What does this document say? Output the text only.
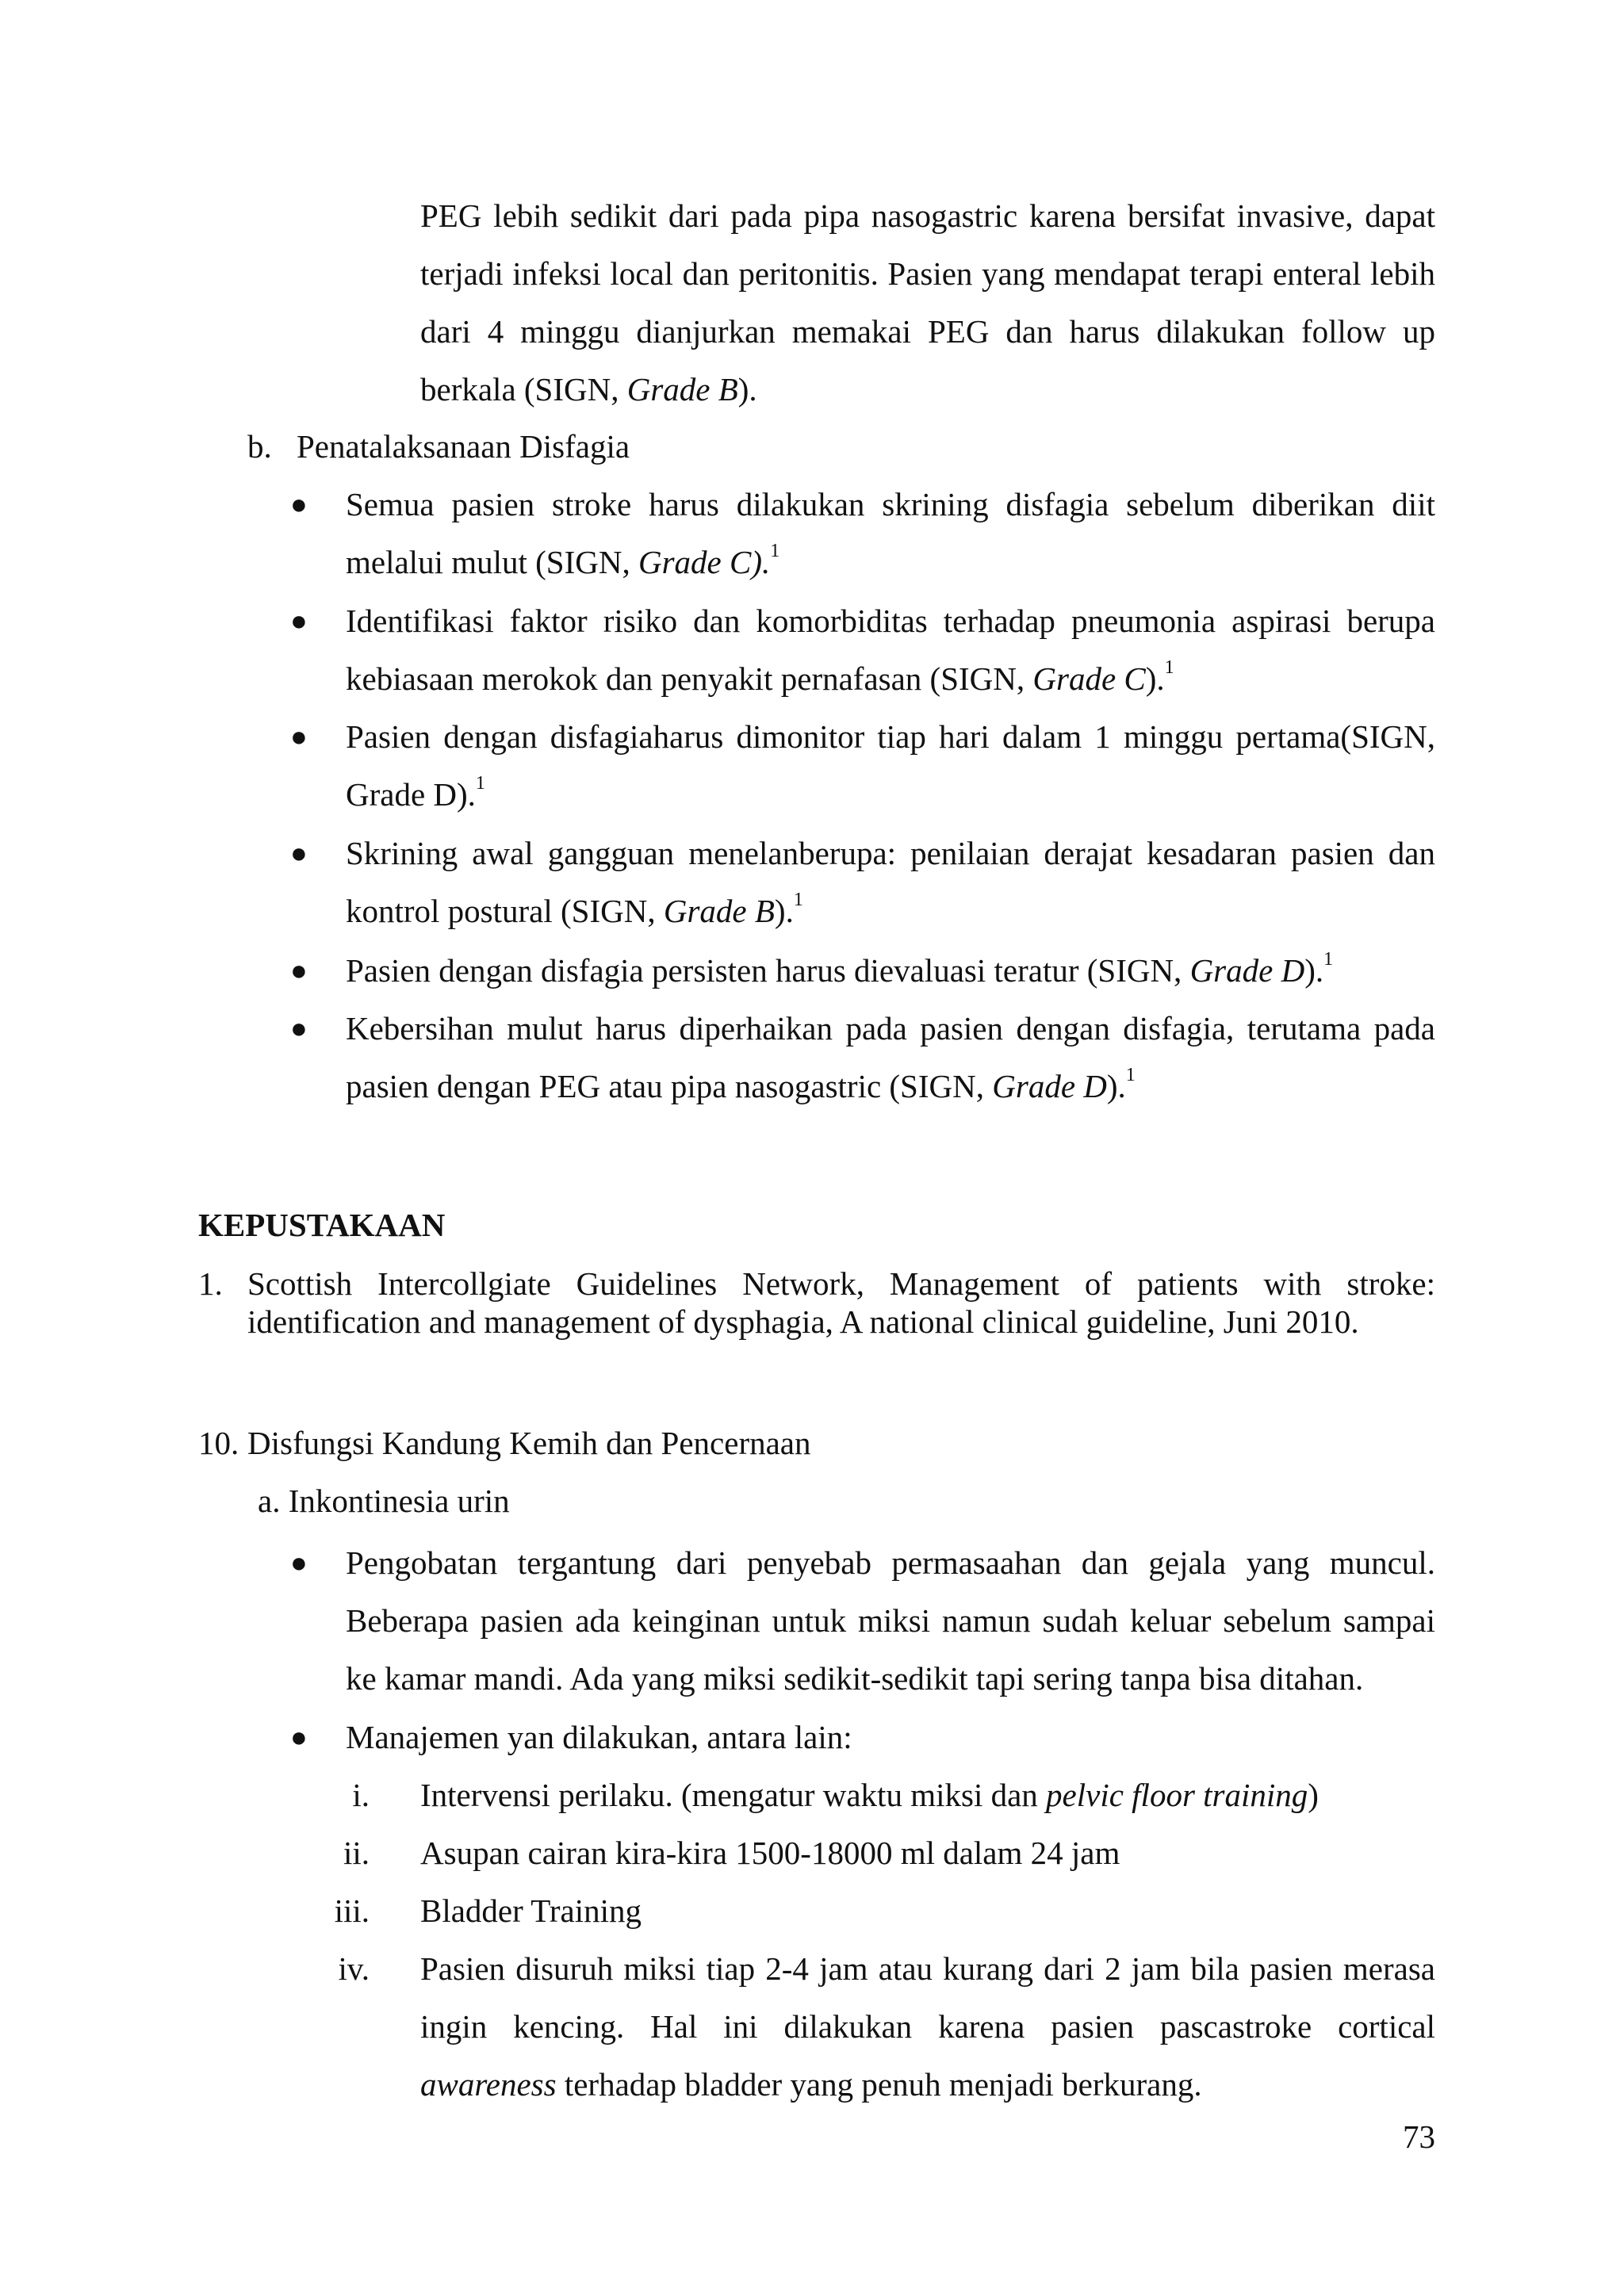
PEG lebih sedikit dari pada pipa nasogastric karena bersifat invasive, dapat terjadi infeksi local dan peritonitis. Pasien yang mendapat terapi enteral lebih dari 4 minggu dianjurkan memakai PEG dan harus dilakukan follow up berkala (SIGN, Grade B).
b. Penatalaksanaan Disfagia
●	Semua pasien stroke harus dilakukan skrining disfagia sebelum diberikan diit melalui mulut (SIGN, Grade C).$^1$
●	Identifikasi faktor risiko dan komorbiditas terhadap pneumonia aspirasi berupa kebiasaan merokok dan penyakit pernafasan (SIGN, Grade C).$^1$
●	Pasien dengan disfagiaharus dimonitor tiap hari dalam 1 minggu pertama(SIGN, Grade D).$^1$
●	Skrining awal gangguan menelanberupa: penilaian derajat kesadaran pasien dan kontrol postural (SIGN, Grade B).$^1$
●	Pasien dengan disfagia persisten harus dievaluasi teratur (SIGN, Grade D).$^1$
●	Kebersihan mulut harus diperhaikan pada pasien dengan disfagia, terutama pada pasien dengan PEG atau pipa nasogastric (SIGN, Grade D).$^1$
KEPUSTAKAAN
1. Scottish Intercollgiate Guidelines Network, Management of patients with stroke: identification and management of dysphagia, A national clinical guideline, Juni 2010.
10. Disfungsi Kandung Kemih dan Pencernaan
a. Inkontinesia urin
●	Pengobatan tergantung dari penyebab permasaahan dan gejala yang muncul. Beberapa pasien ada keinginan untuk miksi namun sudah keluar sebelum sampai ke kamar mandi. Ada yang miksi sedikit-sedikit tapi sering tanpa bisa ditahan.
●	Manajemen yan dilakukan, antara lain:
i. Intervensi perilaku. (mengatur waktu miksi dan pelvic floor training)
ii. Asupan cairan kira-kira 1500-18000 ml dalam 24 jam
iii. Bladder Training
iv. Pasien disuruh miksi tiap 2-4 jam atau kurang dari 2 jam bila pasien merasa ingin kencing. Hal ini dilakukan karena pasien pascastroke cortical awareness terhadap bladder yang penuh menjadi berkurang.
73
